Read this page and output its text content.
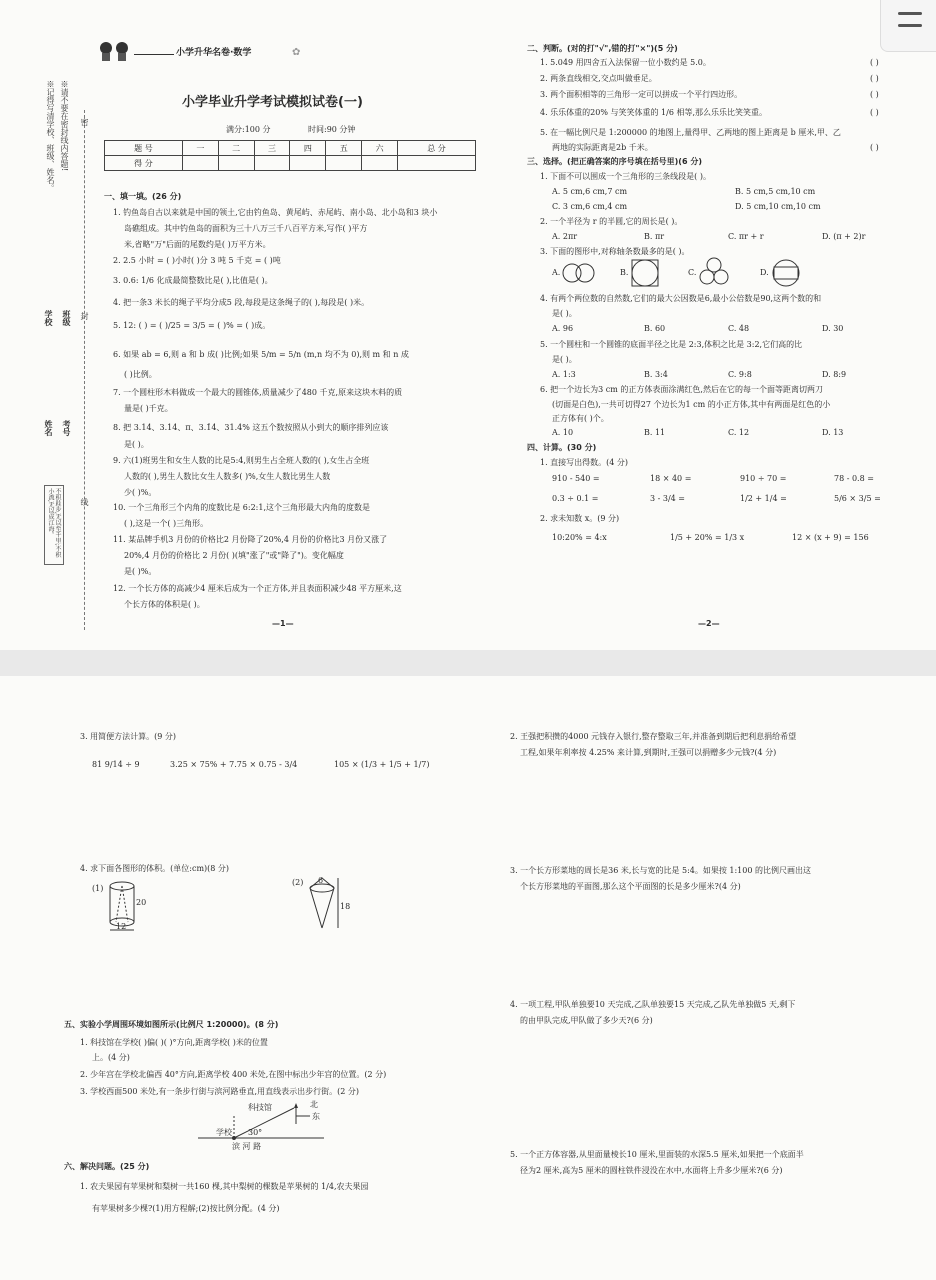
※请不要在密封线内答题!
※记得写清学校、班级、姓名。
学校 班级
姓名 考号
密
封
线
不积跬步,无以至千里;不积小流,无以成江海。
小学升华名卷·数学	✿
小学毕业升学考试模拟试卷(一)
满分:100 分	时间:90 分钟
题 号	一	二	三	四	五	六	总 分
得 分							
一、填一填。(26 分)
1. 钓鱼岛自古以来就是中国的领土,它由钓鱼岛、黄尾屿、赤尾屿、南小岛、北小岛和3 块小
岛礁组成。其中钓鱼岛的面积为三十八万三千八百平方米,写作( )平方
米,省略"万"后面的尾数约是( )万平方米。
2. 2.5 小时 = ( )小时( )分 3 吨 5 千克 = ( )吨
3. 0.6: 1/6 化成最简整数比是( ),比值是( )。
4. 把一条3 米长的绳子平均分成5 段,每段是这条绳子的( ),每段是( )米。
5. 12: ( ) = ( )/25 = 3/5 = ( )% = ( )成。
6. 如果 ab = 6,则 a 和 b 成( )比例;如果 5/m = 5/n (m,n 均不为 0),则 m 和 n 成
( )比例。
7. 一个圆柱形木料做成一个最大的圆锥体,质量减少了480 千克,原来这块木料的质
量是( )千克。
8. 把 3.14、3.14̇、π、3.1̇4̇、31.4% 这五个数按照从小到大的顺序排列应该
是( )。
9. 六(1)班男生和女生人数的比是5:4,则男生占全班人数的( ),女生占全班
人数的( ),男生人数比女生人数多( )%,女生人数比男生人数
少( )%。
10. 一个三角形三个内角的度数比是 6:2:1,这个三角形最大内角的度数是
( ),这是一个( )三角形。
11. 某品牌手机3 月份的价格比2 月份降了20%,4 月份的价格比3 月份又涨了
20%,4 月份的价格比 2 月份( )(填"涨了"或"降了")。变化幅度
是( )%。
12. 一个长方体的高减少4 厘米后成为一个正方体,并且表面积减少48 平方厘米,这
个长方体的体积是( )。
—1—
二、判断。(对的打"√",错的打"×")(5 分)
1. 5.049 用四舍五入法保留一位小数约是 5.0。	( )
2. 两条直线相交,交点叫做垂足。	( )
3. 两个面积相等的三角形一定可以拼成一个平行四边形。	( )
4. 乐乐体重的20% 与笑笑体重的 1/6 相等,那么乐乐比笑笑重。	( )
5. 在一幅比例尺是 1:200000 的地图上,量得甲、乙两地的图上距离是 b 厘米,甲、乙
两地的实际距离是2b 千米。	( )
三、选择。(把正确答案的序号填在括号里)(6 分)
1. 下面不可以围成一个三角形的三条线段是( )。
A. 5 cm,6 cm,7 cm	B. 5 cm,5 cm,10 cm
C. 3 cm,6 cm,4 cm	D. 5 cm,10 cm,10 cm
2. 一个半径为 r 的半圆,它的周长是( )。
A. 2πr	B. πr	C. πr + r	D. (π + 2)r
3. 下面的图形中,对称轴条数最多的是( )。
A.	B.	C.	D.
4. 有两个两位数的自然数,它们的最大公因数是6,最小公倍数是90,这两个数的和
是( )。
A. 96	B. 60	C. 48	D. 30
5. 一个圆柱和一个圆锥的底面半径之比是 2:3,体积之比是 3:2,它们高的比
是( )。
A. 1:3	B. 3:4	C. 9:8	D. 8:9
6. 把一个边长为3 cm 的正方体表面涂满红色,然后在它的每一个面等距离切两刀
(切面是白色),一共可切得27 个边长为1 cm 的小正方体,其中有两面是红色的小
正方体有( )个。
A. 10	B. 11	C. 12	D. 13
四、计算。(30 分)
1. 直接写出得数。(4 分)
910 - 540 =	18 × 40 =	910 ÷ 70 =	78 - 0.8 =
0.3 ÷ 0.1 =	3 - 3/4 =	1/2 + 1/4 =	5/6 × 3/5 =
2. 求未知数 x。(9 分)
10:20% = 4:x	1/5 + 20% = 1/3 x	12 × (x + 9) = 156
—2—
3. 用简便方法计算。(9 分)
81 9/14 ÷ 9	3.25 × 75% + 7.75 × 0.75 - 3/4	105 × (1/3 + 1/5 + 1/7)
4. 求下面各图形的体积。(单位:cm)(8 分)
(1)
20
12
(2) 6
18
五、实验小学周围环境如图所示(比例尺 1:20000)。(8 分)
1. 科技馆在学校( )偏( )( )°方向,距离学校( )米的位置
上。(4 分)
2. 少年宫在学校北偏西 40°方向,距离学校 400 米处,在图中标出少年宫的位置。(2 分)
3. 学校西面500 米处,有一条步行街与滨河路垂直,用直线表示出步行街。(2 分)
科技馆	北
东
学校 30°
滨 河 路
六、解决问题。(25 分)
1. 农夫果园有苹果树和梨树一共160 棵,其中梨树的棵数是苹果树的 1/4,农夫果园
有苹果树多少棵?(1)用方程解;(2)按比例分配。(4 分)
2. 王强把积攒的4000 元钱存入银行,整存整取三年,并准备到期后把利息捐给希望
工程,如果年利率按 4.25% 来计算,到期时,王强可以捐赠多少元钱?(4 分)
3. 一个长方形菜地的周长是36 米,长与宽的比是 5:4。如果按 1:100 的比例尺画出这
个长方形菜地的平面图,那么这个平面图的长是多少厘米?(4 分)
4. 一项工程,甲队单独要10 天完成,乙队单独要15 天完成,乙队先单独做5 天,剩下
的由甲队完成,甲队做了多少天?(6 分)
5. 一个正方体容器,从里面量棱长10 厘米,里面装的水深5.5 厘米,如果把一个底面半
径为2 厘米,高为5 厘米的圆柱铁件浸没在水中,水面将上升多少厘米?(6 分)
